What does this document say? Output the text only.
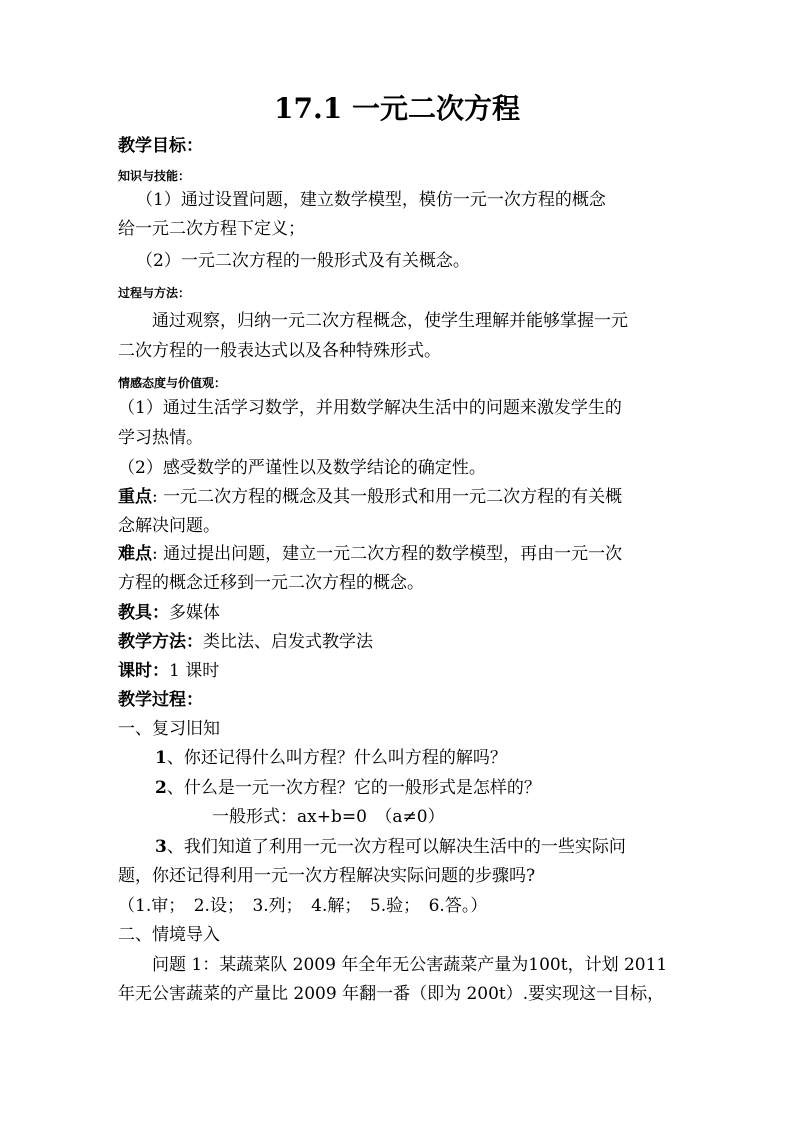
17.1 一元二次方程
教学目标：
知识与技能：
（1）通过设置问题，建立数学模型，模仿一元一次方程的概念
给一元二次方程下定义；
（2）一元二次方程的一般形式及有关概念。
过程与方法：
通过观察，归纳一元二次方程概念，使学生理解并能够掌握一元
二次方程的一般表达式以及各种特殊形式。
情感态度与价值观：
（1）通过生活学习数学，并用数学解决生活中的问题来激发学生的
学习热情。
（2）感受数学的严谨性以及数学结论的确定性。
重点: 一元二次方程的概念及其一般形式和用一元二次方程的有关概
念解决问题。
难点: 通过提出问题，建立一元二次方程的数学模型，再由一元一次
方程的概念迁移到一元二次方程的概念。
教具：多媒体
教学方法：类比法、启发式教学法
课时：1 课时
教学过程：
一、复习旧知
1、你还记得什么叫方程？什么叫方程的解吗？
2、什么是一元一次方程？它的一般形式是怎样的？
一般形式：ax+b=0　（a≠0）
3、我们知道了利用一元一次方程可以解决生活中的一些实际问
题，你还记得利用一元一次方程解决实际问题的步骤吗?
（1.审；　2.设；　3.列；　4.解；　5.验；　6.答。）
二、情境导入
问题 1：某蔬菜队 2009 年全年无公害蔬菜产量为100t，计划 2011
年无公害蔬菜的产量比 2009 年翻一番（即为 200t）.要实现这一目标，
